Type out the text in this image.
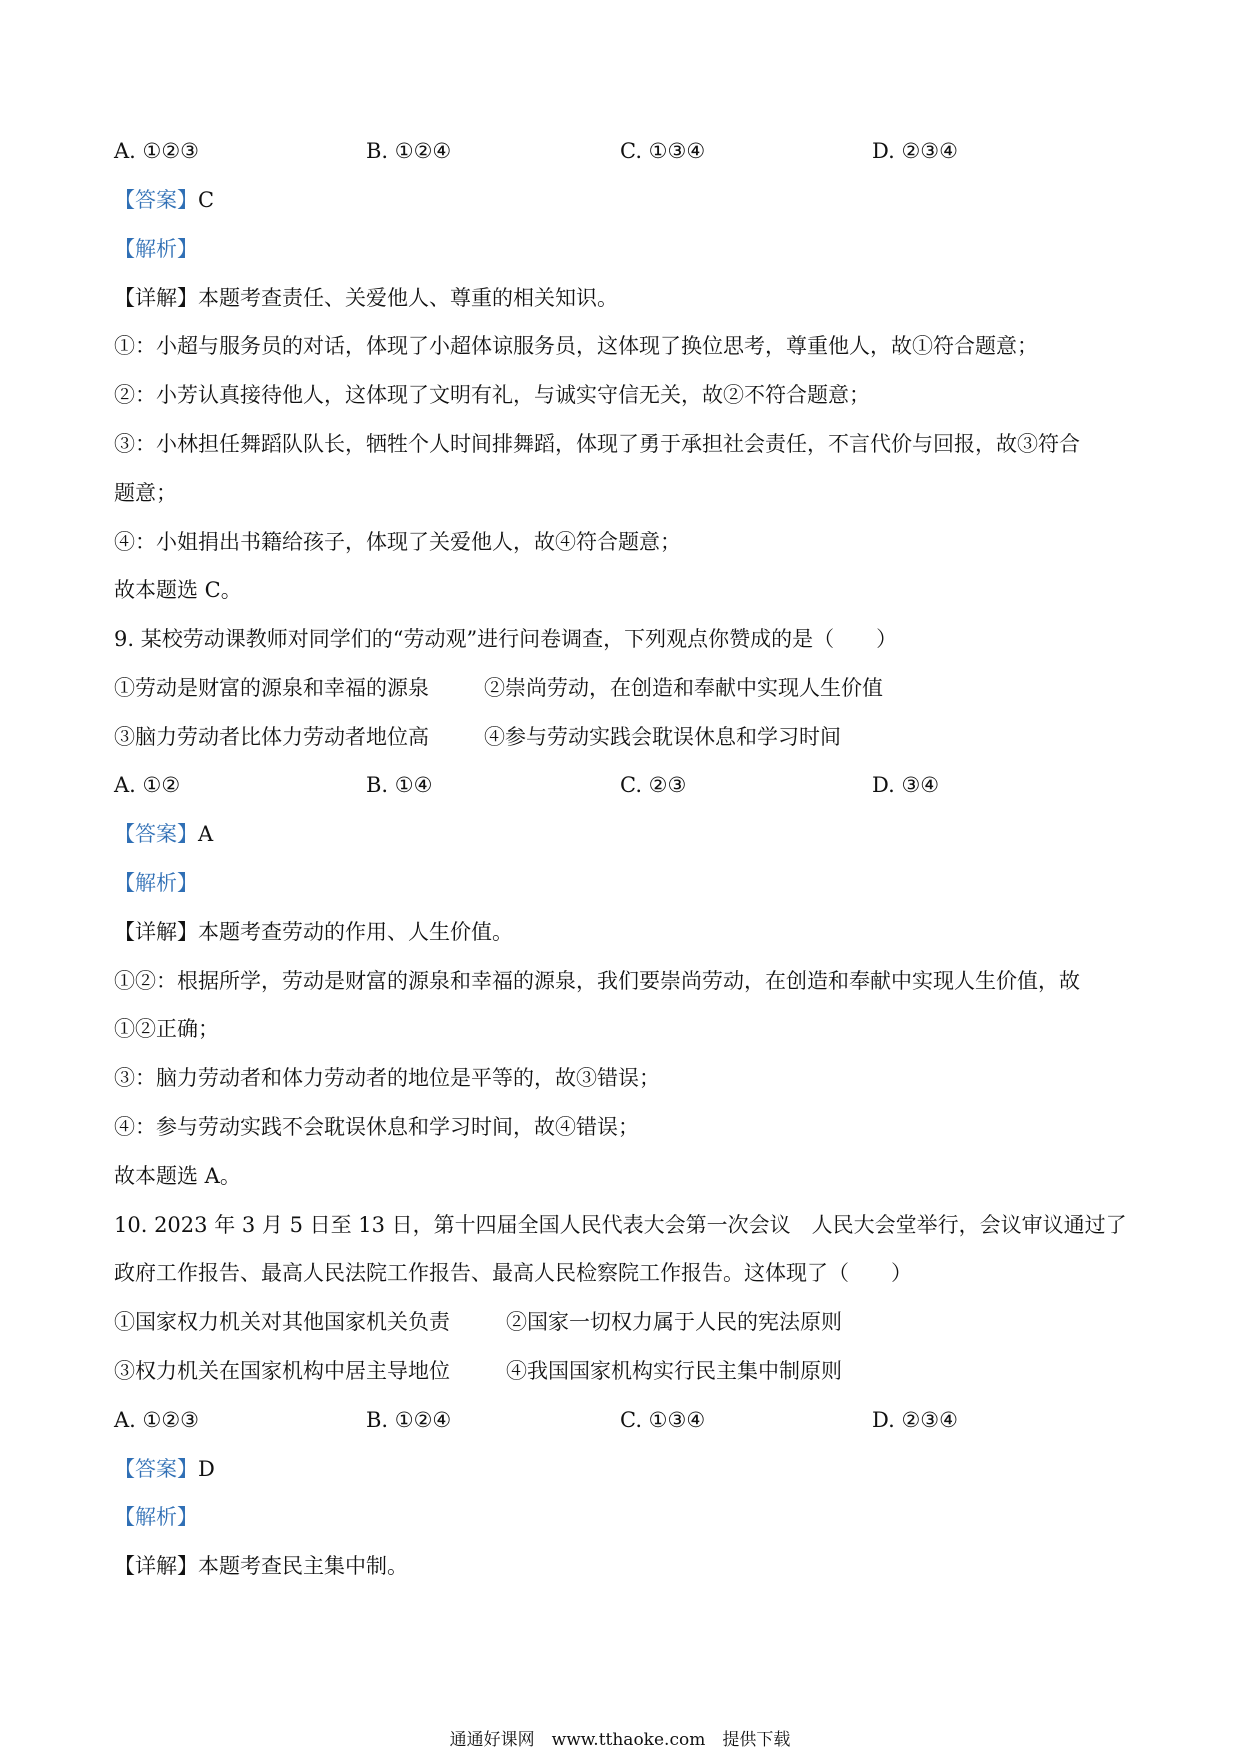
A. ①②③	B. ①②④	C. ①③④	D. ②③④
【答案】C
【解析】
【详解】本题考查责任、关爱他人、尊重的相关知识。
①：小超与服务员的对话，体现了小超体谅服务员，这体现了换位思考，尊重他人，故①符合题意；
②：小芳认真接待他人，这体现了文明有礼，与诚实守信无关，故②不符合题意；
③：小林担任舞蹈队队长，牺牲个人时间排舞蹈，体现了勇于承担社会责任，不言代价与回报，故③符合
题意；
④：小姐捐出书籍给孩子，体现了关爱他人，故④符合题意；
故本题选 C。
9. 某校劳动课教师对同学们的“劳动观”进行问卷调查，下列观点你赞成的是（　　）
①劳动是财富的源泉和幸福的源泉	②崇尚劳动，在创造和奉献中实现人生价值
③脑力劳动者比体力劳动者地位高	④参与劳动实践会耽误休息和学习时间
A. ①②	B. ①④	C. ②③	D. ③④
【答案】A
【解析】
【详解】本题考查劳动的作用、人生价值。
①②：根据所学，劳动是财富的源泉和幸福的源泉，我们要崇尚劳动，在创造和奉献中实现人生价值，故
①②正确；
③：脑力劳动者和体力劳动者的地位是平等的，故③错误；
④：参与劳动实践不会耽误休息和学习时间，故④错误；
故本题选 A。
10. 2023 年 3 月 5 日至 13 日，第十四届全国人民代表大会第一次会议　人民大会堂举行，会议审议通过了
政府工作报告、最高人民法院工作报告、最高人民检察院工作报告。这体现了（　　）
①国家权力机关对其他国家机关负责	②国家一切权力属于人民的宪法原则
③权力机关在国家机构中居主导地位	④我国国家机构实行民主集中制原则
A. ①②③	B. ①②④	C. ①③④	D. ②③④
【答案】D
【解析】
【详解】本题考查民主集中制。
通通好课网　www.tthaoke.com　提供下载
